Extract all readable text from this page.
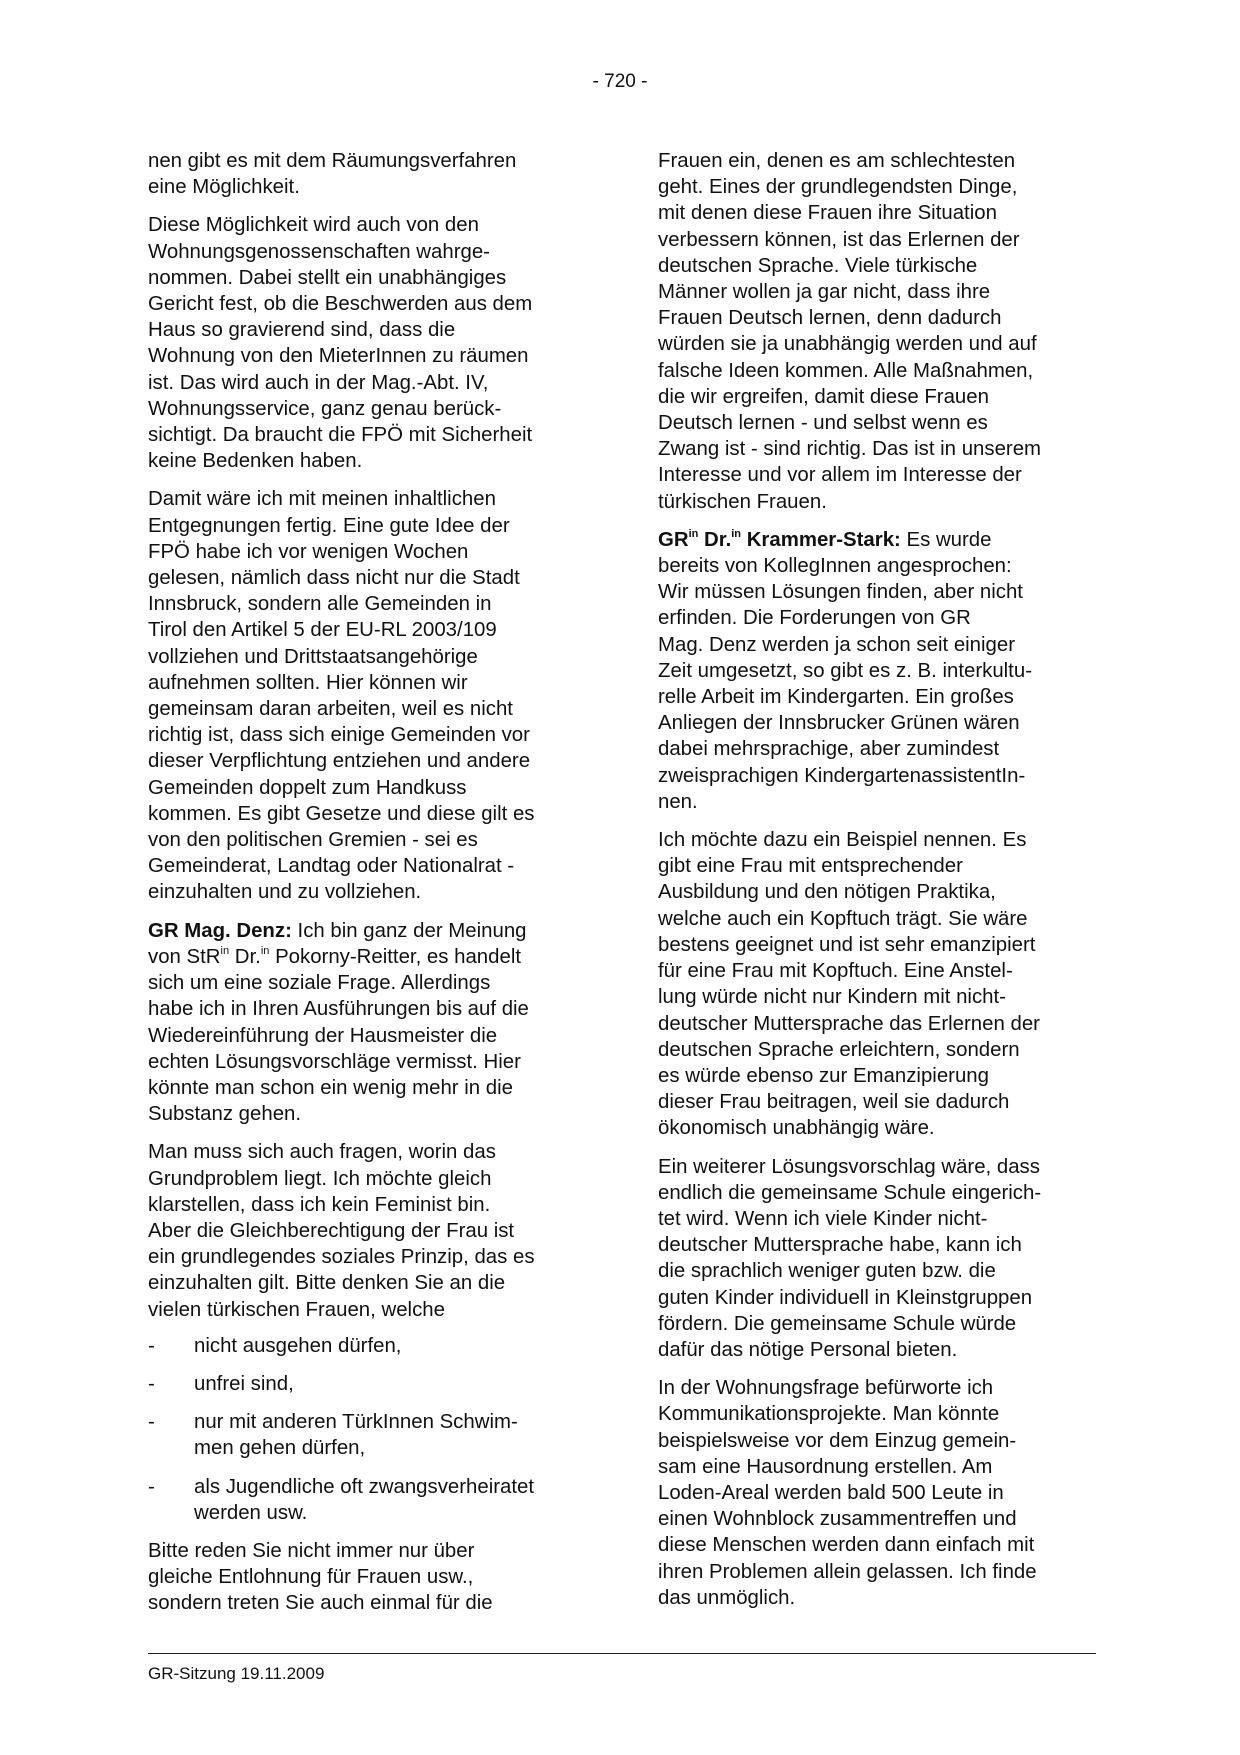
- 720 -

nen gibt es mit dem Räumungsverfahren
eine Möglichkeit.

Diese Möglichkeit wird auch von den
Wohnungsgenossenschaften wahrge-
nommen. Dabei stellt ein unabhängiges
Gericht fest, ob die Beschwerden aus dem
Haus so gravierend sind, dass die
Wohnung von den MieterInnen zu räumen
ist. Das wird auch in der Mag.-Abt. IV,
Wohnungsservice, ganz genau berück-
sichtigt. Da braucht die FPÖ mit Sicherheit
keine Bedenken haben.

Damit wäre ich mit meinen inhaltlichen
Entgegnungen fertig. Eine gute Idee der
FPÖ habe ich vor wenigen Wochen
gelesen, nämlich dass nicht nur die Stadt
Innsbruck, sondern alle Gemeinden in
Tirol den Artikel 5 der EU-RL 2003/109
vollziehen und Drittstaatsangehörige
aufnehmen sollten. Hier können wir
gemeinsam daran arbeiten, weil es nicht
richtig ist, dass sich einige Gemeinden vor
dieser Verpflichtung entziehen und andere
Gemeinden doppelt zum Handkuss
kommen. Es gibt Gesetze und diese gilt es
von den politischen Gremien - sei es
Gemeinderat, Landtag oder Nationalrat -
einzuhalten und zu vollziehen.

GR Mag. Denz: Ich bin ganz der Meinung
von StR$^{in}$ Dr.$^{in}$ Pokorny-Reitter, es handelt
sich um eine soziale Frage. Allerdings
habe ich in Ihren Ausführungen bis auf die
Wiedereinführung der Hausmeister die
echten Lösungsvorschläge vermisst. Hier
könnte man schon ein wenig mehr in die
Substanz gehen.

Man muss sich auch fragen, worin das
Grundproblem liegt. Ich möchte gleich
klarstellen, dass ich kein Feminist bin.
Aber die Gleichberechtigung der Frau ist
ein grundlegendes soziales Prinzip, das es
einzuhalten gilt. Bitte denken Sie an die
vielen türkischen Frauen, welche

-	nicht ausgehen dürfen,
-	unfrei sind,
-	nur mit anderen TürkInnen Schwim-
men gehen dürfen,
-	als Jugendliche oft zwangsverheiratet
werden usw.

Bitte reden Sie nicht immer nur über
gleiche Entlohnung für Frauen usw.,
sondern treten Sie auch einmal für die

Frauen ein, denen es am schlechtesten
geht. Eines der grundlegendsten Dinge,
mit denen diese Frauen ihre Situation
verbessern können, ist das Erlernen der
deutschen Sprache. Viele türkische
Männer wollen ja gar nicht, dass ihre
Frauen Deutsch lernen, denn dadurch
würden sie ja unabhängig werden und auf
falsche Ideen kommen. Alle Maßnahmen,
die wir ergreifen, damit diese Frauen
Deutsch lernen - und selbst wenn es
Zwang ist - sind richtig. Das ist in unserem
Interesse und vor allem im Interesse der
türkischen Frauen.

$GR^{in}$ Dr.$^{in}$ Krammer-Stark: Es wurde
bereits von KollegInnen angesprochen:
Wir müssen Lösungen finden, aber nicht
erfinden. Die Forderungen von GR
Mag. Denz werden ja schon seit einiger
Zeit umgesetzt, so gibt es z. B. interkultu-
relle Arbeit im Kindergarten. Ein großes
Anliegen der Innsbrucker Grünen wären
dabei mehrsprachige, aber zumindest
zweisprachigen KindergartenassistentIn-
nen.

Ich möchte dazu ein Beispiel nennen. Es
gibt eine Frau mit entsprechender
Ausbildung und den nötigen Praktika,
welche auch ein Kopftuch trägt. Sie wäre
bestens geeignet und ist sehr emanzipiert
für eine Frau mit Kopftuch. Eine Anstel-
lung würde nicht nur Kindern mit nicht-
deutscher Muttersprache das Erlernen der
deutschen Sprache erleichtern, sondern
es würde ebenso zur Emanzipierung
dieser Frau beitragen, weil sie dadurch
ökonomisch unabhängig wäre.

Ein weiterer Lösungsvorschlag wäre, dass
endlich die gemeinsame Schule eingerich-
tet wird. Wenn ich viele Kinder nicht-
deutscher Muttersprache habe, kann ich
die sprachlich weniger guten bzw. die
guten Kinder individuell in Kleinstgruppen
fördern. Die gemeinsame Schule würde
dafür das nötige Personal bieten.

In der Wohnungsfrage befürworte ich
Kommunikationsprojekte. Man könnte
beispielsweise vor dem Einzug gemein-
sam eine Hausordnung erstellen. Am
Loden-Areal werden bald 500 Leute in
einen Wohnblock zusammentreffen und
diese Menschen werden dann einfach mit
ihren Problemen allein gelassen. Ich finde
das unmöglich.

GR-Sitzung 19.11.2009
